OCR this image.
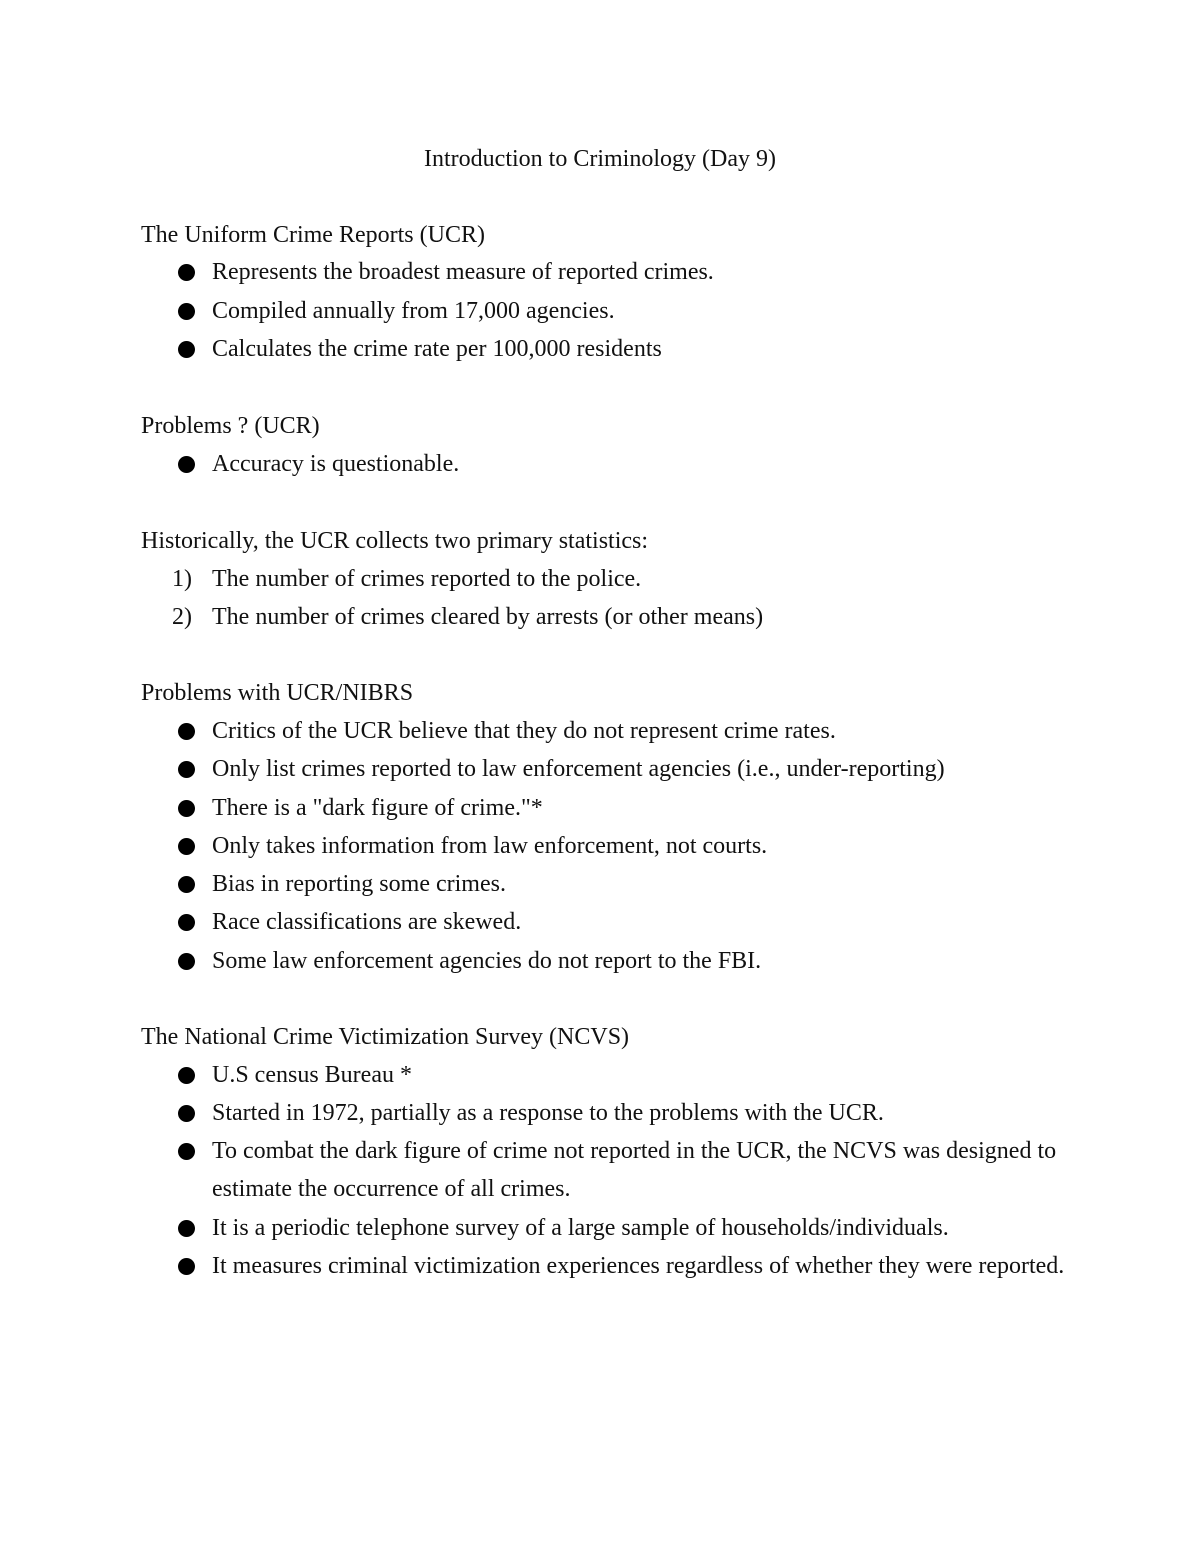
Introduction to Criminology (Day 9)
The Uniform Crime Reports (UCR)
Represents the broadest measure of reported crimes.
Compiled annually from 17,000 agencies.
Calculates the crime rate per 100,000 residents
Problems ? (UCR)
Accuracy is questionable.
Historically, the UCR collects two primary statistics:
1) The number of crimes reported to the police.
2) The number of crimes cleared by arrests (or other means)
Problems with UCR/NIBRS
Critics of the UCR believe that they do not represent crime rates.
Only list crimes reported to law enforcement agencies (i.e., under-reporting)
There is a "dark figure of crime."*
Only takes information from law enforcement, not courts.
Bias in reporting some crimes.
Race classifications are skewed.
Some law enforcement agencies do not report to the FBI.
The National Crime Victimization Survey (NCVS)
U.S census Bureau *
Started in 1972, partially as a response to the problems with the UCR.
To combat the dark figure of crime not reported in the UCR, the NCVS was designed to estimate the occurrence of all crimes.
It is a periodic telephone survey of a large sample of households/individuals.
It measures criminal victimization experiences regardless of whether they were reported.
